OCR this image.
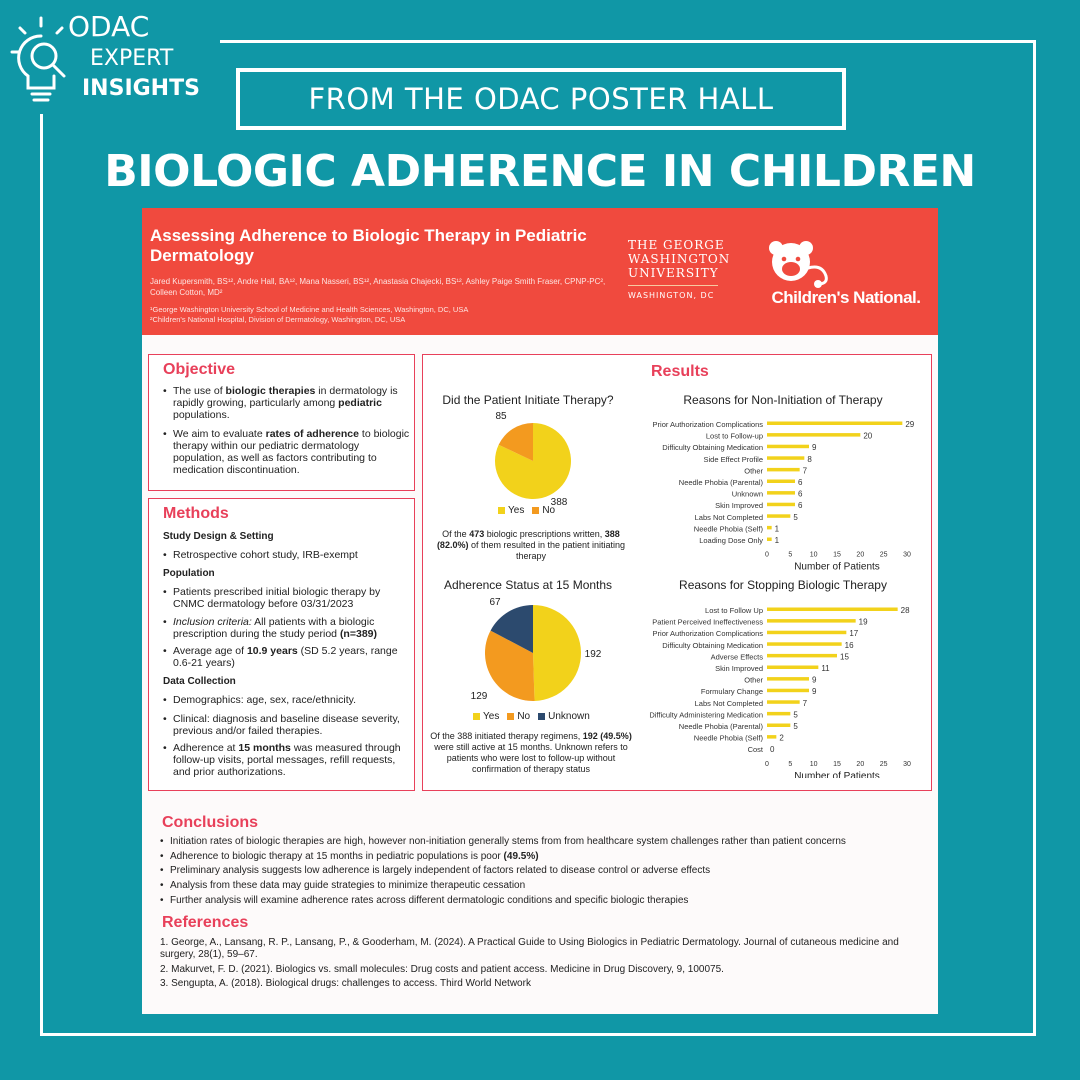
ODAC
EXPERT
INSIGHTS	FROM THE ODAC POSTER HALL
BIOLOGIC ADHERENCE IN CHILDREN
Assessing Adherence to Biologic Therapy in Pediatric Dermatology
Jared Kupersmith, BS¹², Andre Hall, BA¹², Mana Nasseri, BS¹², Anastasia Chajecki, BS¹², Ashley Paige Smith Fraser, CPNP-PC², Colleen Cotton, MD²
¹George Washington University School of Medicine and Health Sciences, Washington, DC, USA
²Children's National Hospital, Division of Dermatology, Washington, DC, USA
THE GEORGE
WASHINGTON
UNIVERSITY
WASHINGTON, DC	Children's National.
Objective

• The use of biologic therapies in dermatology is rapidly growing, particularly among pediatric populations.

• We aim to evaluate rates of adherence to biologic therapy within our pediatric dermatology population, as well as factors contributing to medication discontinuation.

Methods
Study Design & Setting

• Retrospective cohort study, IRB-exempt

Population

• Patients prescribed initial biologic therapy by CNMC dermatology before 03/31/2023

• Inclusion criteria: All patients with a biologic prescription during the study period (n=389)

• Average age of 10.9 years (SD 5.2 years, range 0.6-21 years)

Data Collection

• Demographics: age, sex, race/ethnicity.

• Clinical: diagnosis and baseline disease severity, previous and/or failed therapies.

• Adherence at 15 months was measured through follow-up visits, portal messages, refill requests, and prior authorizations.

Results
Did the Patient Initiate Therapy?
388
85
Yes	No
Of the 473 biologic prescriptions written, 388 (82.0%) of them resulted in the patient initiating therapy
Reasons for Non-Initiation of Therapy
Prior Authorization Complications	29
Lost to Follow-up	20
Difficulty Obtaining Medication	9
Side Effect Profile	8
Other	7
Needle Phobia (Parental)	6
Unknown	6
Skin Improved	6
Labs Not Completed	5
Needle Phobia (Self) 1
Loading Dose Only 1
0	5 10 15 20 25 30
Number of Patients
Adherence Status at 15 Months
192
129
67
Yes	No	Unknown
Of the 388 initiated therapy regimens, 192 (49.5%) were still active at 15 months. Unknown refers to patients who were lost to follow-up without confirmation of therapy status
Reasons for Stopping Biologic Therapy
Lost to Follow Up	28
Patient Perceived Ineffectiveness	19
Prior Authorization Complications	17
Difficulty Obtaining Medication	16
Adverse Effects	15
Skin Improved	11
Other	9
Formulary Change	9
Labs Not Completed	7
Difficulty Administering Medication	5
Needle Phobia (Parental)	5
Needle Phobia (Self) 2
Cost 0
0	5 10 15 20 25 30
Number of Patients
Conclusions
• Initiation rates of biologic therapies are high, however non-initiation generally stems from from healthcare system challenges rather than patient concerns
• Adherence to biologic therapy at 15 months in pediatric populations is poor (49.5%)
• Preliminary analysis suggests low adherence is largely independent of factors related to disease control or adverse effects
• Analysis from these data may guide strategies to minimize therapeutic cessation
• Further analysis will examine adherence rates across different dermatologic conditions and specific biologic therapies
References
1. George, A., Lansang, R. P., Lansang, P., & Gooderham, M. (2024). A Practical Guide to Using Biologics in Pediatric Dermatology. Journal of cutaneous medicine and surgery, 28(1), 59–67.
2. Makurvet, F. D. (2021). Biologics vs. small molecules: Drug costs and patient access. Medicine in Drug Discovery, 9, 100075.
3. Sengupta, A. (2018). Biological drugs: challenges to access. Third World Network
